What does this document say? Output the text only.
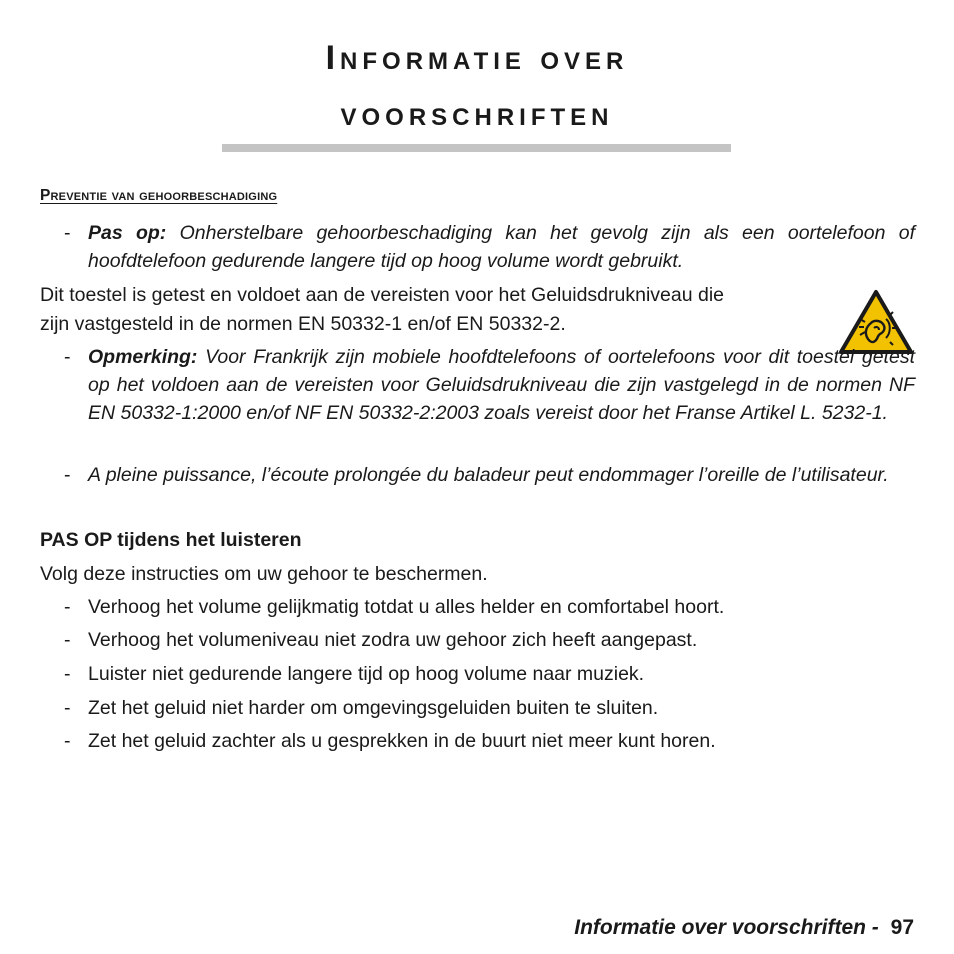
Informatie over
voorschriften
Preventie van gehoorbeschadiging
- Pas op: Onherstelbare gehoorbeschadiging kan het gevolg zijn als een oortelefoon of hoofdtelefoon gedurende langere tijd op hoog volume wordt gebruikt.
Dit toestel is getest en voldoet aan de vereisten voor het Geluidsdrukniveau die
zijn vastgesteld in de normen EN 50332-1 en/of EN 50332-2.
- Opmerking: Voor Frankrijk zijn mobiele hoofdtelefoons of oortelefoons voor dit toestel getest op het voldoen aan de vereisten voor Geluidsdrukniveau die zijn vastgelegd in de normen NF EN 50332-1:2000 en/of NF EN 50332-2:2003 zoals vereist door het Franse Artikel L. 5232-1.
- A pleine puissance, l’écoute prolongée du baladeur peut endommager l’oreille de l’utilisateur.
PAS OP tijdens het luisteren
Volg deze instructies om uw gehoor te beschermen.
- Verhoog het volume gelijkmatig totdat u alles helder en comfortabel hoort.
- Verhoog het volumeniveau niet zodra uw gehoor zich heeft aangepast.
- Luister niet gedurende langere tijd op hoog volume naar muziek.
- Zet het geluid niet harder om omgevingsgeluiden buiten te sluiten.
- Zet het geluid zachter als u gesprekken in de buurt niet meer kunt horen.
Informatie over voorschriften - 97
